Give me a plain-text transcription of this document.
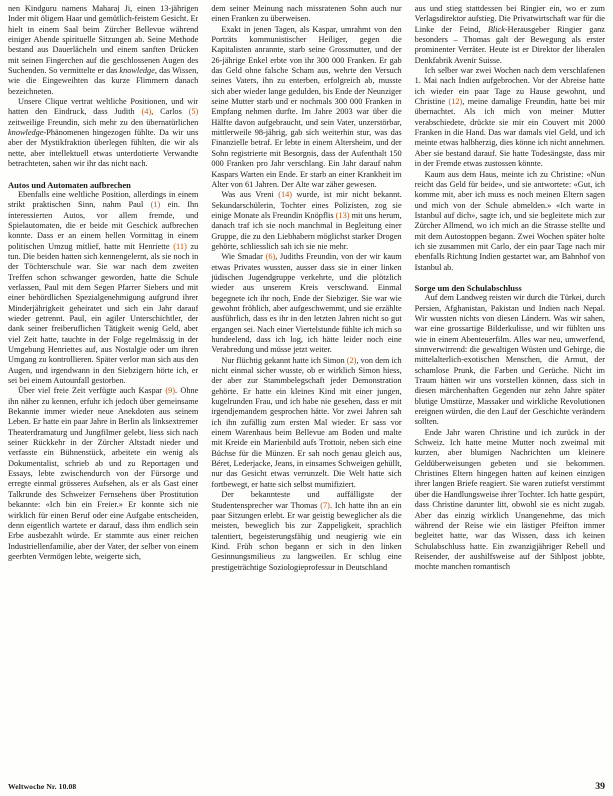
nen Kindguru namens Maharaj Ji, einen 13-jährigen Inder mit öligem Haar und gemütlich-feistem Gesicht. Er hielt in einem Saal beim Zürcher Bellevue während einiger Abende spirituelle Sitzungen ab. Seine Methode bestand aus Dauerlächeln und einem sanften Drücken mit seinen Fingerchen auf die geschlossenen Augen des Suchenden. So vermittelte er das knowledge, das Wissen, wie die Eingeweihten das kurze Flimmern danach bezeichneten.

Unsere Clique vertrat weltliche Positionen, und wir hatten den Eindruck, dass Judith (4), Carlos (5) zeitweilige Freundin, sich mehr zu den übernatürlichen knowledge-Phänomenen hingezogen fühlte. Da wir uns aber der Mystikfraktion überlegen fühlten, die wir als nette, aber intellektuell etwas unterdotierte Verwandte betrachteten, sahen wir ihr das nicht nach.

Autos und Automaten aufbrechen

Ebenfalls eine weltliche Position, allerdings in einem strikt praktischen Sinn, nahm Paul (1) ein. Ihn interessierten Autos, vor allem fremde, und Spielautomaten, die er beide mit Geschick aufbrechen konnte. Dass er an einem hellen Vormittag in einem politischen Umzug mitlief, hatte mit Henriette (11) zu tun. Die beiden hatten sich kennengelernt, als sie noch in der Töchterschule war. Sie war nach dem zweiten Treffen schon schwanger geworden, hatte die Schule verlassen, Paul mit dem Segen Pfarrer Siebers und mit einer behördlichen Spezialgenehmigung aufgrund ihrer Minderjährigkeit geheiratet und sich ein Jahr darauf wieder getrennt. Paul, ein agiler Unterschichtler, der dank seiner freiberuflichen Tätigkeit wenig Geld, aber viel Zeit hatte, tauchte in der Folge regelmässig in der Umgebung Henriettes auf, aus Nostalgie oder um ihren Umgang zu kontrollieren. Später verlor man sich aus den Augen, und irgendwann in den Siebzigern hörte ich, er sei bei einem Autounfall gestorben.

Über viel freie Zeit verfügte auch Kaspar (9). Ohne ihn näher zu kennen, erfuhr ich jedoch über gemeinsame Bekannte immer wieder neue Anekdoten aus seinem Leben. Er hatte ein paar Jahre in Berlin als linksextremer Theaterdramaturg und Jungfilmer gelebt, liess sich nach seiner Rückkehr in der Zürcher Altstadt nieder und verfasste ein Bühnenstück, arbeitete ein wenig als Dokumentalist, schrieb ab und zu Reportagen und Essays, lebte zwischendurch von der Fürsorge und erregte einmal grösseres Aufsehen, als er als Gast einer Talkrunde des Schweizer Fernsehens über Prostitution bekannte: «Ich bin ein Freier.» Er konnte sich nie wirklich für einen Beruf oder eine Aufgabe entscheiden, denn eigentlich wartete er darauf, dass ihm endlich sein Erbe ausbezahlt würde. Er stammte aus einer reichen Industriellenfamilie, aber der Vater, der selber von einem geerbten Vermögen lebte, weigerte sich,

dem seiner Meinung nach missratenen Sohn auch nur einen Franken zu überweisen.

Exakt in jenen Tagen, als Kaspar, umrahmt von den Porträts kommunistischer Heiliger, gegen die Kapitalisten anrannte, starb seine Grossmutter, und der 26-jährige Enkel erbte von ihr 300 000 Franken. Er gab das Geld ohne falsche Scham aus, wehrte den Versuch seines Vaters, ihn zu enterben, erfolgreich ab, musste sich aber wieder lange gedulden, bis Ende der Neunziger seine Mutter starb und er nochmals 300 000 Franken in Empfang nehmen durfte. Im Jahre 2003 war über die Hälfte davon aufgebraucht, und sein Vater, unzerstörbar, mittlerweile 98-jährig, gab sich weiterhin stur, was das Finanzielle betraf. Er lebte in einem Altersheim, und der Sohn registrierte mit Besorgnis, dass der Aufenthalt 150 000 Franken pro Jahr verschlang. Ein Jahr darauf nahm Kaspars Warten ein Ende. Er starb an einer Krankheit im Alter von 61 Jahren. Der Alte war zäher gewesen.

Was aus Vreni (14) wurde, ist mir nicht bekannt. Sekundarschülerin, Tochter eines Polizisten, zog sie einige Monate als Freundin Knöpflis (13) mit uns herum, danach traf ich sie noch manchmal in Begleitung einer Gruppe, die zu den Liebhabern möglichst starker Drogen gehörte, schliesslich sah ich sie nie mehr.

Wie Smadar (6), Judiths Freundin, von der wir kaum etwas Privates wussten, ausser dass sie in einer linken jüdischen Jugendgruppe verkehrte, und die plötzlich wieder aus unserem Kreis verschwand. Einmal begegnete ich ihr noch, Ende der Siebziger. Sie war wie gewohnt fröhlich, aber aufgeschwemmt, und sie erzählte ausführlich, dass es ihr in den letzten Jahren nicht so gut ergangen sei. Nach einer Viertelstunde fühlte ich mich so hundeelend, dass ich log, ich hätte leider noch eine Verabredung und müsse jetzt weiter.

Nur flüchtig gekannt hatte ich Simon (2), von dem ich nicht einmal sicher wusste, ob er wirklich Simon hiess, der aber zur Stammbelegschaft jeder Demonstration gehörte. Er hatte ein kleines Kind mit einer jungen, kugelrunden Frau, und ich habe nie gesehen, dass er mit irgendjemandem gesprochen hätte. Vor zwei Jahren sah ich ihn zufällig zum ersten Mal wieder. Er sass vor einem Warenhaus beim Bellevue am Boden und malte mit Kreide ein Marienbild aufs Trottoir, neben sich eine Büchse für die Münzen. Er sah noch genau gleich aus, Béret, Lederjacke, Jeans, in einsames Schweigen gehüllt, nur das Gesicht etwas verrunzelt. Die Welt hatte sich fortbewegt, er hatte sich selbst mumifiziert.

Der bekannteste und auffälligste der Studentensprecher war Thomas (7). Ich hatte ihn an ein paar Sitzungen erlebt. Er war geistig beweglicher als die meisten, beweglich bis zur Zappeligkeit, sprachlich talentiert, begeisterungsfähig und neugierig wie ein Kind. Früh schon begann er sich in den linken Gesinnungsmilieus zu langweilen. Er schlug eine prestigeträchtige Soziologieprofessur in Deutschland

aus und stieg stattdessen bei Ringier ein, wo er zum Verlagsdirektor aufstieg. Die Privatwirtschaft war für die Linke der Feind, Blick-Herausgeber Ringier ganz besonders – Thomas galt der Bewegung als erster prominenter Verräter. Heute ist er Direktor der liberalen Denkfabrik Avenir Suisse.

Ich selber war zwei Wochen nach dem verschlafenen 1. Mai nach Indien aufgebrochen. Vor der Abreise hatte ich wieder ein paar Tage zu Hause gewohnt, und Christine (12), meine damalige Freundin, hatte bei mir übernachtet. Als ich mich von meiner Mutter verabschiedete, drückte sie mir ein Couvert mit 2000 Franken in die Hand. Das war damals viel Geld, und ich meinte etwas halbherzig, dies könne ich nicht annehmen. Aber sie bestand darauf. Sie hatte Todesängste, dass mir in der Fremde etwas zustossen könnte.

Kaum aus dem Haus, meinte ich zu Christine: «Nun reicht das Geld für beide», und sie antwortete: «Gut, ich komme mit, aber ich muss es noch meinen Eltern sagen und mich von der Schule abmelden.» «Ich warte in Istanbul auf dich», sagte ich, und sie begleitete mich zur Zürcher Allmend, wo ich mich an die Strasse stellte und mit dem Autostoppen begann. Zwei Wochen später holte ich sie zusammen mit Carlo, der ein paar Tage nach mir ebenfalls Richtung Indien gestartet war, am Bahnhof von Istanbul ab.

Sorge um den Schulabschluss

Auf dem Landweg reisten wir durch die Türkei, durch Persien, Afghanistan, Pakistan und Indien nach Nepal. Wir wussten nichts von diesen Ländern. Was wir sahen, war eine grossartige Bilderkulisse, und wir fühlten uns wie in einem Abenteuerfilm. Alles war neu, umwerfend, sinnverwirrend: die gewaltigen Wüsten und Gebirge, die mittelalterlich-exotischen Menschen, die Armut, der schamlose Prunk, die Farben und Gerüche. Nicht im Traum hätten wir uns vorstellen können, dass sich in diesen märchenhaften Gegenden nur zehn Jahre später blutige Umstürze, Massaker und wirkliche Revolutionen ereignen würden, die den Lauf der Geschichte verändern sollten.

Ende Jahr waren Christine und ich zurück in der Schweiz. Ich hatte meine Mutter noch zweimal mit kurzen, aber blumigen Nachrichten um kleinere Geldüberweisungen gebeten und sie bekommen. Christines Eltern hingegen hatten auf keinen einzigen ihrer langen Briefe reagiert. Sie waren zutiefst verstimmt über die Handlungsweise ihrer Tochter. Ich hatte gespürt, dass Christine darunter litt, obwohl sie es nicht zugab. Aber das einzig wirklich Unangenehme, das mich während der Reise wie ein lästiger Pfeifton immer begleitet hatte, war das Wissen, dass ich keinen Schulabschluss hatte. Ein zwanzigjähriger Rebell und Reisender, der aushilfsweise auf der Sihlpost jobbte, mochte manchen romantisch

Weltwoche Nr. 10.08	39
